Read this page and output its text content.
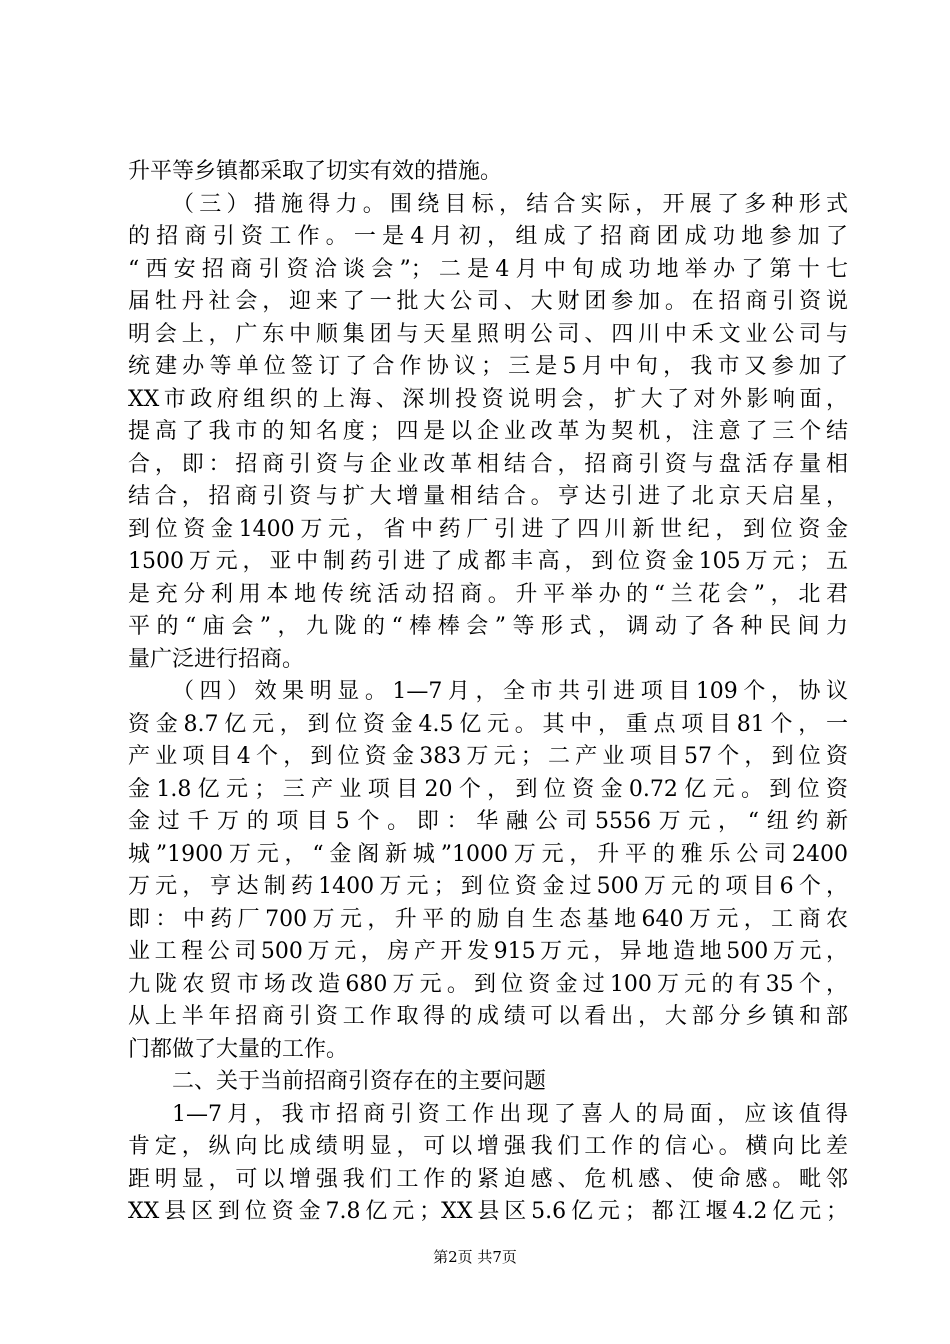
升平等乡镇都采取了切实有效的措施。
（三）措施得力。围绕目标，结合实际，开展了多种形式
的招商引资工作。一是4月初，组成了招商团成功地参加了
“西安招商引资洽谈会”；二是4月中旬成功地举办了第十七
届牡丹社会，迎来了一批大公司、大财团参加。在招商引资说
明会上，广东中顺集团与天星照明公司、四川中禾文业公司与
统建办等单位签订了合作协议；三是5月中旬，我市又参加了
XX市政府组织的上海、深圳投资说明会，扩大了对外影响面，
提高了我市的知名度；四是以企业改革为契机，注意了三个结
合，即：招商引资与企业改革相结合，招商引资与盘活存量相
结合，招商引资与扩大增量相结合。亨达引进了北京天启星，
到位资金1400万元，省中药厂引进了四川新世纪，到位资金
1500万元，亚中制药引进了成都丰高，到位资金105万元；五
是充分利用本地传统活动招商。升平举办的“兰花会”，北君
平的“庙会”，九陇的“棒棒会”等形式，调动了各种民间力
量广泛进行招商。
（四）效果明显。1—7月，全市共引进项目109个，协议
资金8.7亿元，到位资金4.5亿元。其中，重点项目81个，一
产业项目4个，到位资金383万元；二产业项目57个，到位资
金1.8亿元；三产业项目20个，到位资金0.72亿元。到位资
金过千万的项目5个。即：华融公司5556万元，“纽约新
城”1900万元，“金阁新城”1000万元，升平的雅乐公司2400
万元，亨达制药1400万元；到位资金过500万元的项目6个，
即：中药厂700万元，升平的励自生态基地640万元，工商农
业工程公司500万元，房产开发915万元，异地造地500万元，
九陇农贸市场改造680万元。到位资金过100万元的有35个，
从上半年招商引资工作取得的成绩可以看出，大部分乡镇和部
门都做了大量的工作。
二、关于当前招商引资存在的主要问题
1—7月，我市招商引资工作出现了喜人的局面，应该值得
肯定，纵向比成绩明显，可以增强我们工作的信心。横向比差
距明显，可以增强我们工作的紧迫感、危机感、使命感。毗邻
XX县区到位资金7.8亿元；XX县区5.6亿元；都江堰4.2亿元；
第2页 共7页
